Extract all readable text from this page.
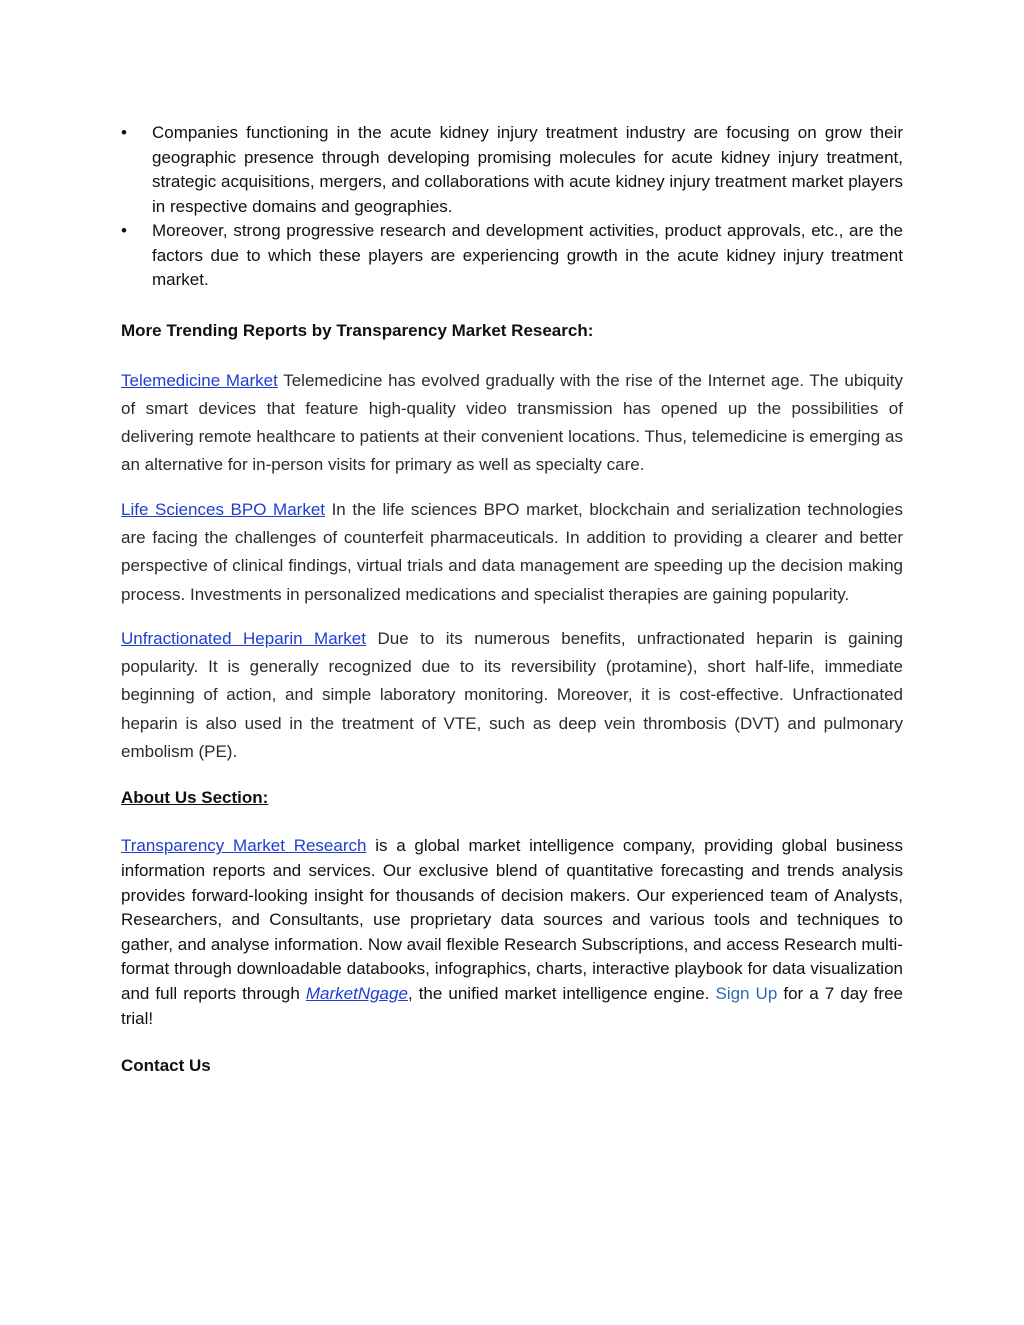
• Companies functioning in the acute kidney injury treatment industry are focusing on grow their geographic presence through developing promising molecules for acute kidney injury treatment, strategic acquisitions, mergers, and collaborations with acute kidney injury treatment market players in respective domains and geographies.
• Moreover, strong progressive research and development activities, product approvals, etc., are the factors due to which these players are experiencing growth in the acute kidney injury treatment market.

More Trending Reports by Transparency Market Research:

Telemedicine Market Telemedicine has evolved gradually with the rise of the Internet age. The ubiquity of smart devices that feature high-quality video transmission has opened up the possibilities of delivering remote healthcare to patients at their convenient locations. Thus, telemedicine is emerging as an alternative for in-person visits for primary as well as specialty care.

Life Sciences BPO Market In the life sciences BPO market, blockchain and serialization technologies are facing the challenges of counterfeit pharmaceuticals. In addition to providing a clearer and better perspective of clinical findings, virtual trials and data management are speeding up the decision making process. Investments in personalized medications and specialist therapies are gaining popularity.

Unfractionated Heparin Market Due to its numerous benefits, unfractionated heparin is gaining popularity. It is generally recognized due to its reversibility (protamine), short half-life, immediate beginning of action, and simple laboratory monitoring. Moreover, it is cost-effective. Unfractionated heparin is also used in the treatment of VTE, such as deep vein thrombosis (DVT) and pulmonary embolism (PE).

About Us Section:

Transparency Market Research is a global market intelligence company, providing global business information reports and services. Our exclusive blend of quantitative forecasting and trends analysis provides forward-looking insight for thousands of decision makers. Our experienced team of Analysts, Researchers, and Consultants, use proprietary data sources and various tools and techniques to gather, and analyse information. Now avail flexible Research Subscriptions, and access Research multi-format through downloadable databooks, infographics, charts, interactive playbook for data visualization and full reports through MarketNgage, the unified market intelligence engine. Sign Up for a 7 day free trial!

Contact Us
